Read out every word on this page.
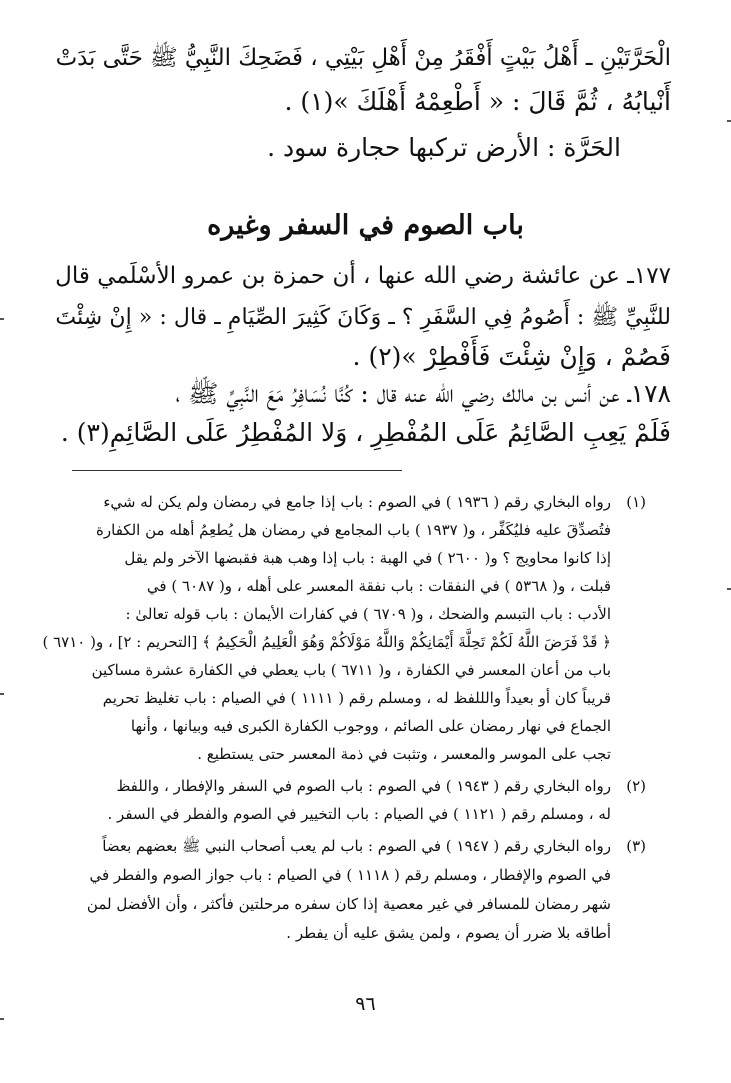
الْحَرَّتَيْنِ ـ أَهْلُ بَيْتٍ أَفْقَرُ مِنْ أَهْلِ بَيْتِي ، فَضَحِكَ النَّبِيُّ ﷺ حَتَّى بَدَتْ
أَنْيابُهُ ، ثُمَّ قَالَ : « أَطْعِمْهُ أَهْلَكَ »(١) .
الحَرَّة : الأرض تركبها حجارة سود .
باب الصوم في السفر وغيره
١٧٧ـ عن عائشة رضي الله عنها ، أن حمزة بن عمرو الأسْلَمي قال
للنَّبِيِّ ﷺ : أَصُومُ فِي السَّفَرِ ؟ ـ وَكَانَ كَثِيرَ الصِّيَامِ ـ قال : « إِنْ شِئْتَ
فَصُمْ ، وَإِنْ شِئْتَ فَأَفْطِرْ »(٢) .
١٧٨ـ عن أنس بن مالك رضي الله عنه قال : كُنَّا نُسَافِرُ مَعَ النَّبِيِّ ﷺ ،
فَلَمْ يَعِبِ الصَّائِمُ عَلَى المُفْطِرِ ، وَلا المُفْطِرُ عَلَى الصَّائِمِ(٣) .
(١)
رواه البخاري رقم ( ١٩٣٦ ) في الصوم : باب إذا جامع في رمضان ولم يكن له شيء
فتُصدِّقَ عليه فليُكَفِّر ، و( ١٩٣٧ ) باب المجامع في رمضان هل يُطعِمُ أهله من الكفارة
إذا كانوا محاويج ؟ و( ٢٦٠٠ ) في الهبة : باب إذا وهب هبة فقبضها الآخر ولم يقل
قبلت ، و( ٥٣٦٨ ) في النفقات : باب نفقة المعسر على أهله ، و( ٦٠٨٧ ) في
الأدب : باب التبسم والضحك ، و( ٦٧٠٩ ) في كفارات الأيمان : باب قوله تعالىٰ :
﴿ قَدْ فَرَضَ اللَّهُ لَكُمْ تَحِلَّةَ أَيْمَانِكُمْ وَاللَّهُ مَوْلَاكُمْ وَهُوَ الْعَلِيمُ الْحَكِيمُ ﴾ [التحريم : ٢] ، و( ٦٧١٠ )
باب من أعان المعسر في الكفارة ، و( ٦٧١١ ) باب يعطي في الكفارة عشرة مساكين
قريباً كان أو بعيداً والللفظ له ، ومسلم رقم ( ١١١١ ) في الصيام : باب تغليظ تحريم
الجماع في نهار رمضان على الصائم ، ووجوب الكفارة الكبرى فيه وبيانها ، وأنها
تجب على الموسر والمعسر ، وتثبت في ذمة المعسر حتى يستطيع .
(٢)
رواه البخاري رقم ( ١٩٤٣ ) في الصوم : باب الصوم في السفر والإفطار ، واللفظ
له ، ومسلم رقم ( ١١٢١ ) في الصيام : باب التخيير في الصوم والفطر في السفر .
(٣)
رواه البخاري رقم ( ١٩٤٧ ) في الصوم : باب لم يعب أصحاب النبي ﷺ بعضهم بعضاً
في الصوم والإفطار ، ومسلم رقم ( ١١١٨ ) في الصيام : باب جواز الصوم والفطر في
شهر رمضان للمسافر في غير معصية إذا كان سفره مرحلتين فأكثر ، وأن الأفضل لمن
أطاقه بلا ضرر أن يصوم ، ولمن يشق عليه أن يفطر .
٩٦
